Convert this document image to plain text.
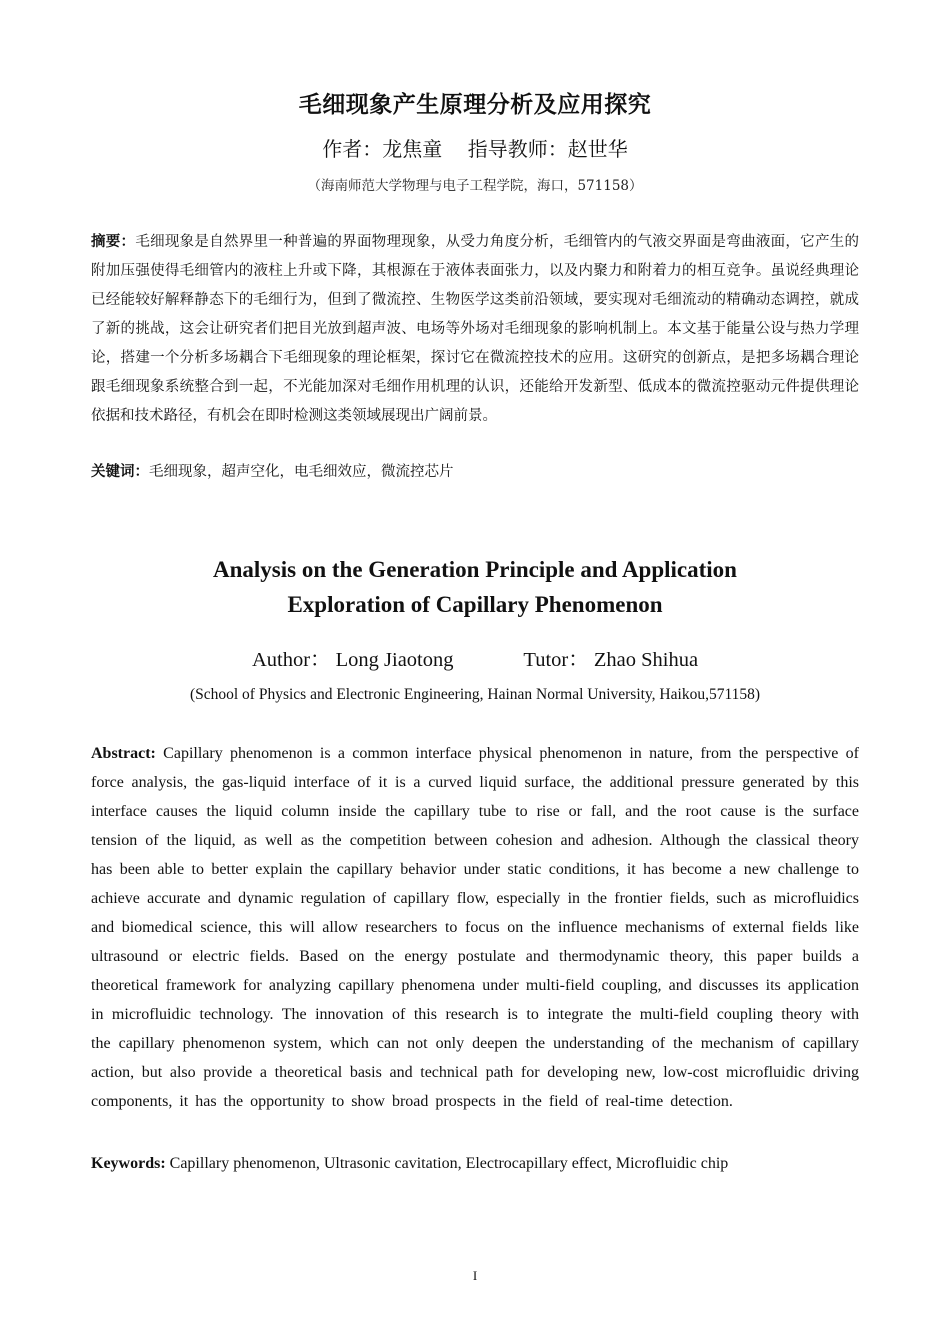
毛细现象产生原理分析及应用探究
作者：龙焦童    指导教师：赵世华
（海南师范大学物理与电子工程学院，海口，571158）

摘要：毛细现象是自然界里一种普遍的界面物理现象，从受力角度分析，毛细管内的气液交界面是弯曲液面，它产生的附加压强使得毛细管内的液柱上升或下降，其根源在于液体表面张力，以及内聚力和附着力的相互竞争。虽说经典理论已经能较好解释静态下的毛细行为，但到了微流控、生物医学这类前沿领域，要实现对毛细流动的精确动态调控，就成了新的挑战，这会让研究者们把目光放到超声波、电场等外场对毛细现象的影响机制上。本文基于能量公设与热力学理论，搭建一个分析多场耦合下毛细现象的理论框架，探讨它在微流控技术的应用。这研究的创新点，是把多场耦合理论跟毛细现象系统整合到一起，不光能加深对毛细作用机理的认识，还能给开发新型、低成本的微流控驱动元件提供理论依据和技术路径，有机会在即时检测这类领域展现出广阔前景。

关键词：毛细现象，超声空化，电毛细效应，微流控芯片

Analysis on the Generation Principle and Application
Exploration of Capillary Phenomenon
Author： Long Jiaotong	Tutor： Zhao Shihua
(School of Physics and Electronic Engineering, Hainan Normal University, Haikou,571158)

Abstract: Capillary phenomenon is a common interface physical phenomenon in nature, from the perspective of force analysis, the gas-liquid interface of it is a curved liquid surface, the additional pressure generated by this interface causes the liquid column inside the capillary tube to rise or fall, and the root cause is the surface tension of the liquid, as well as the competition between cohesion and adhesion. Although the classical theory has been able to better explain the capillary behavior under static conditions, it has become a new challenge to achieve accurate and dynamic regulation of capillary flow, especially in the frontier fields, such as microfluidics and biomedical science, this will allow researchers to focus on the influence mechanisms of external fields like ultrasound or electric fields. Based on the energy postulate and thermodynamic theory, this paper builds a theoretical framework for analyzing capillary phenomena under multi-field coupling, and discusses its application in microfluidic technology. The innovation of this research is to integrate the multi-field coupling theory with the capillary phenomenon system, which can not only deepen the understanding of the mechanism of capillary action, but also provide a theoretical basis and technical path for developing new, low-cost microfluidic driving components, it has the opportunity to show broad prospects in the field of real-time detection.

Keywords: Capillary phenomenon, Ultrasonic cavitation, Electrocapillary effect, Microfluidic chip

I
